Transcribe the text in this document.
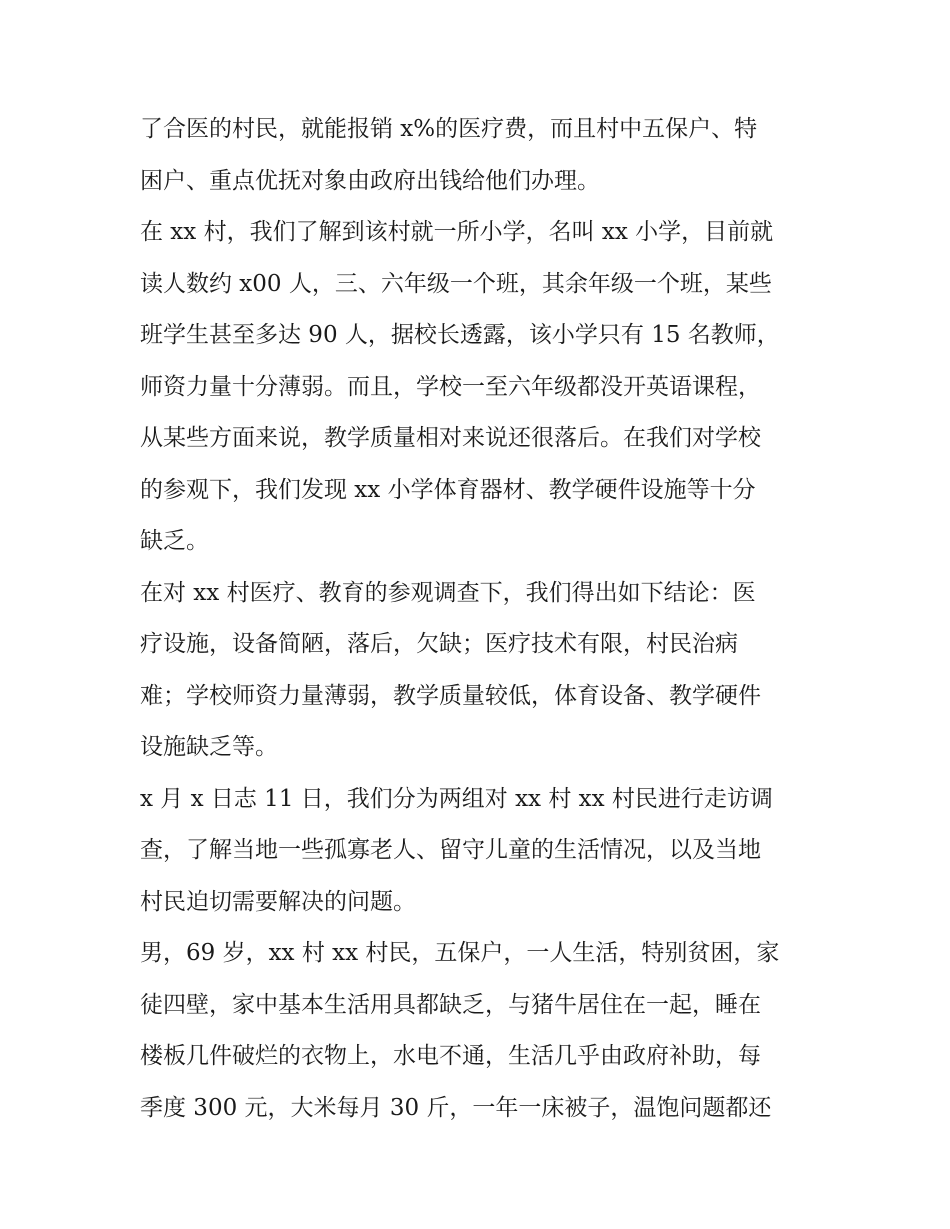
了合医的村民，就能报销 x%的医疗费，而且村中五保户、特
困户、重点优抚对象由政府出钱给他们办理。
在 xx 村，我们了解到该村就一所小学，名叫 xx 小学，目前就
读人数约 x00 人，三、六年级一个班，其余年级一个班，某些
班学生甚至多达 90 人，据校长透露，该小学只有 15 名教师，
师资力量十分薄弱。而且，学校一至六年级都没开英语课程，
从某些方面来说，教学质量相对来说还很落后。在我们对学校
的参观下，我们发现 xx 小学体育器材、教学硬件设施等十分
缺乏。
在对 xx 村医疗、教育的参观调查下，我们得出如下结论：医
疗设施，设备简陋，落后，欠缺；医疗技术有限，村民治病
难；学校师资力量薄弱，教学质量较低，体育设备、教学硬件
设施缺乏等。
x 月 x 日志 11 日，我们分为两组对 xx 村 xx 村民进行走访调
查，了解当地一些孤寡老人、留守儿童的生活情况，以及当地
村民迫切需要解决的问题。
男，69 岁，xx 村 xx 村民，五保户，一人生活，特别贫困，家
徒四壁，家中基本生活用具都缺乏，与猪牛居住在一起，睡在
楼板几件破烂的衣物上，水电不通，生活几乎由政府补助，每
季度 300 元，大米每月 30 斤，一年一床被子，温饱问题都还
